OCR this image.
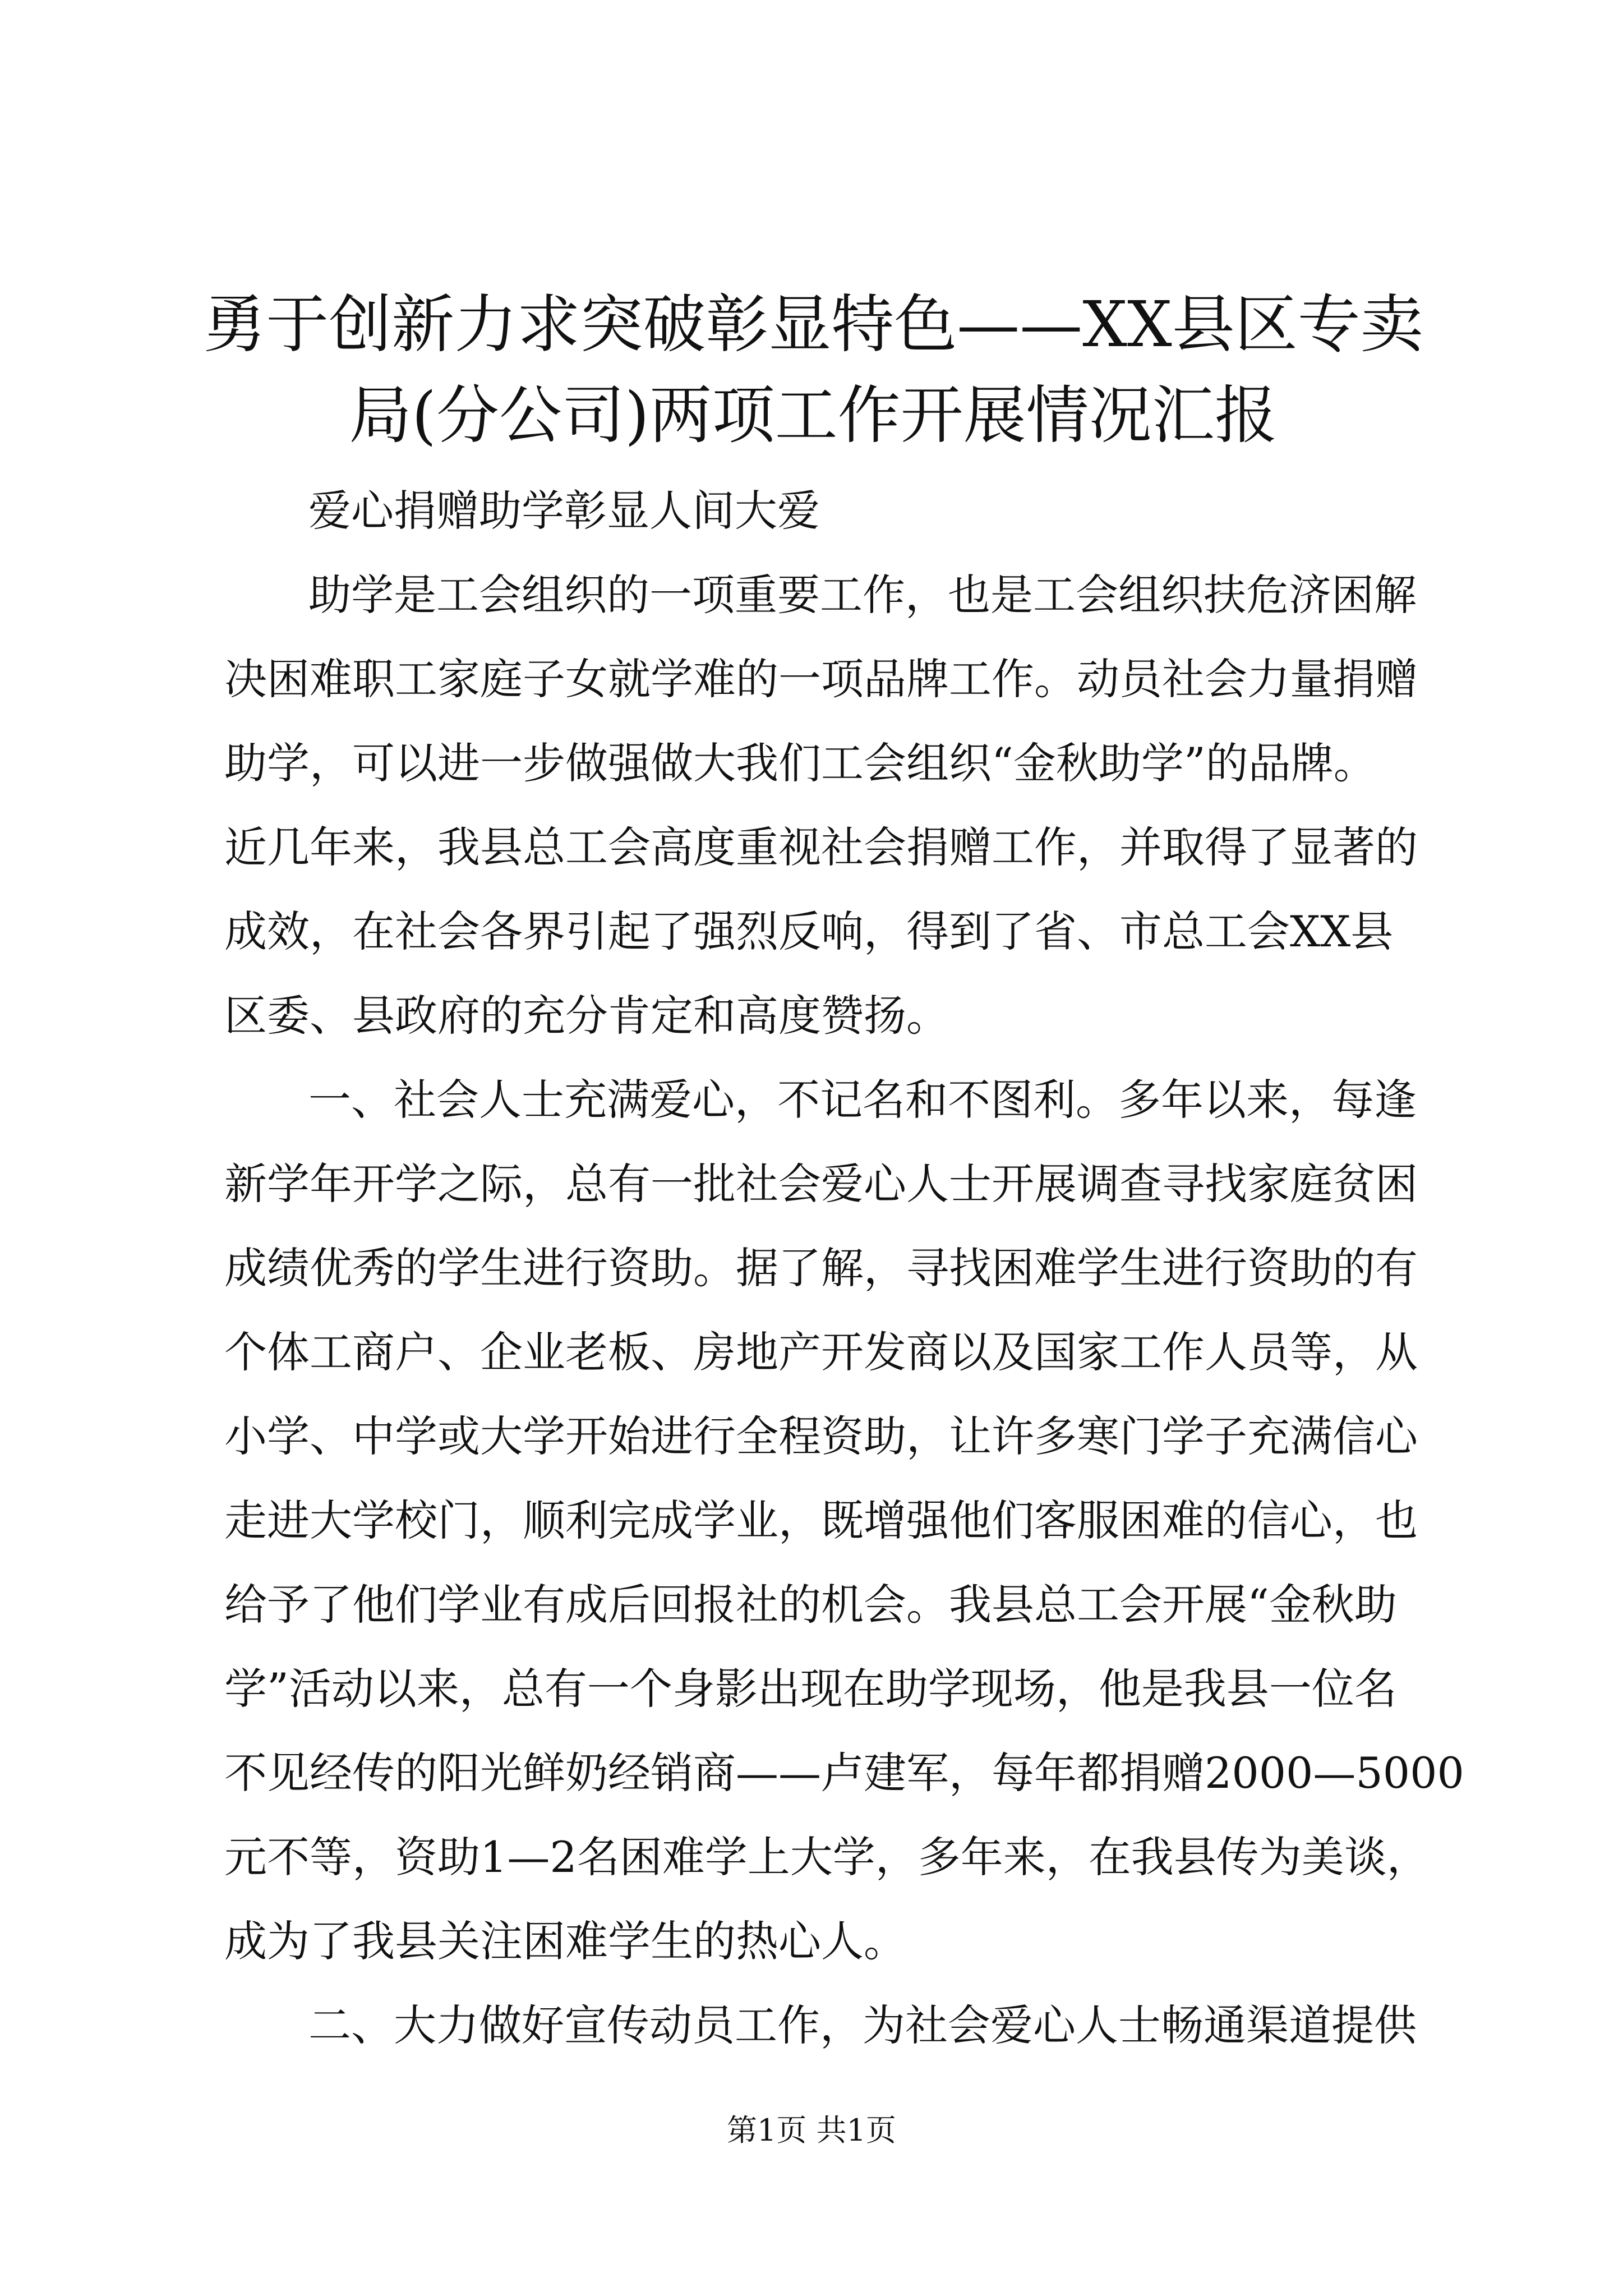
勇于创新力求突破彰显特色——XX县区专卖
局(分公司)两项工作开展情况汇报

爱心捐赠助学彰显人间大爱

助学是工会组织的一项重要工作，也是工会组织扶危济困解
决困难职工家庭子女就学难的一项品牌工作。动员社会力量捐赠
助学，可以进一步做强做大我们工会组织“金秋助学”的品牌。
近几年来，我县总工会高度重视社会捐赠工作，并取得了显著的
成效，在社会各界引起了强烈反响，得到了省、市总工会XX县
区委、县政府的充分肯定和高度赞扬。

一、社会人士充满爱心，不记名和不图利。多年以来，每逢
新学年开学之际，总有一批社会爱心人士开展调查寻找家庭贫困
成绩优秀的学生进行资助。据了解，寻找困难学生进行资助的有
个体工商户、企业老板、房地产开发商以及国家工作人员等，从
小学、中学或大学开始进行全程资助，让许多寒门学子充满信心
走进大学校门，顺利完成学业，既增强他们客服困难的信心，也
给予了他们学业有成后回报社的机会。我县总工会开展“金秋助
学”活动以来，总有一个身影出现在助学现场，他是我县一位名
不见经传的阳光鲜奶经销商——卢建军，每年都捐赠2000—5000
元不等，资助1—2名困难学上大学，多年来，在我县传为美谈，
成为了我县关注困难学生的热心人。

二、大力做好宣传动员工作，为社会爱心人士畅通渠道提供

第1页 共1页
